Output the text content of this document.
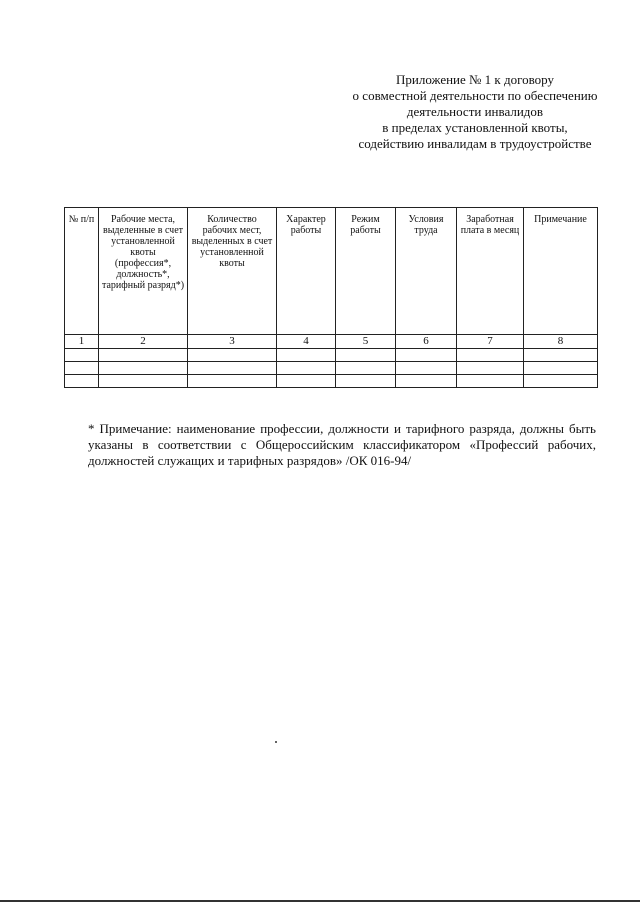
Приложение № 1 к договору
о совместной деятельности по обеспечению
деятельности инвалидов
в пределах установленной квоты,
содействию инвалидам в трудоустройстве
№ п/п	Рабочие места, выделенные в счет установленной квоты (профессия*, должность*, тарифный разряд*)	Количество рабочих мест, выделенных в счет установленной квоты	Характер работы	Режим работы	Условия труда	Заработная плата в месяц	Примечание
1	2	3	4	5	6	7	8

* Примечание: наименование профессии, должности и тарифного разряда, должны быть указаны в соответствии с Общероссийским классификатором «Профессий рабочих, должностей служащих и тарифных разрядов» /ОК 016-94/
